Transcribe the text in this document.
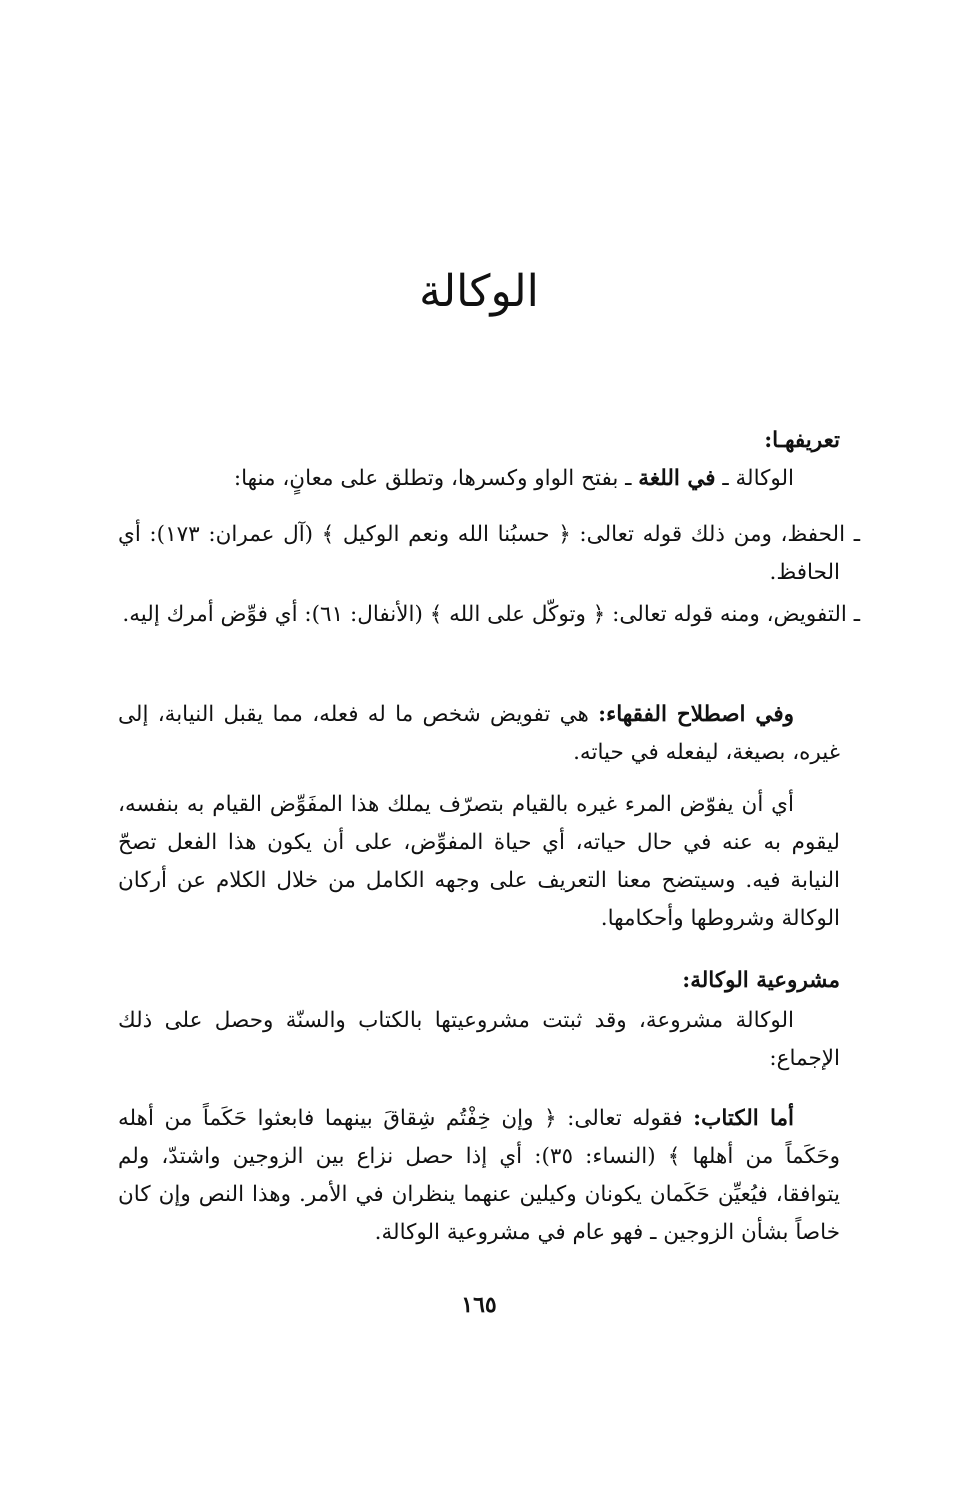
الوكالة
تعريفهـا:
الوكالة ـ في اللغة ـ بفتح الواو وكسرها، وتطلق على معانٍ، منها:
ـ الحفظ، ومن ذلك قوله تعالى: ﴿ حسبُنا الله ونعم الوكيل ﴾ (آل عمران: ١٧٣): أي الحافظ.
ـ التفويض، ومنه قوله تعالى: ﴿ وتوكّل على الله ﴾ (الأنفال: ٦١): أي فوِّض أمرك إليه.
وفي اصطلاح الفقهاء: هي تفويض شخص ما له فعله، مما يقبل النيابة، إلى غيره، بصيغة، ليفعله في حياته.
أي أن يفوّض المرء غيره بالقيام بتصرّف يملك هذا المفَوِّض القيام به بنفسه، ليقوم به عنه في حال حياته، أي حياة المفوِّض، على أن يكون هذا الفعل تصحّ النيابة فيه. وسيتضح معنا التعريف على وجهه الكامل من خلال الكلام عن أركان الوكالة وشروطها وأحكامها.
مشروعية الوكالة:
الوكالة مشروعة، وقد ثبتت مشروعيتها بالكتاب والسنّة وحصل على ذلك الإجماع:
أما الكتاب: فقوله تعالى: ﴿ وإن خِفْتُم شِقاقَ بينهما فابعثوا حَكَماً من أهله وحَكَماً من أهلها ﴾ (النساء: ٣٥): أي إذا حصل نزاع بين الزوجين واشتدّ، ولم يتوافقا، فيُعيِّن حَكَمان يكونان وكيلين عنهما ينظران في الأمر. وهذا النص وإن كان خاصاً بشأن الزوجين ـ فهو عام في مشروعية الوكالة.
١٦٥
